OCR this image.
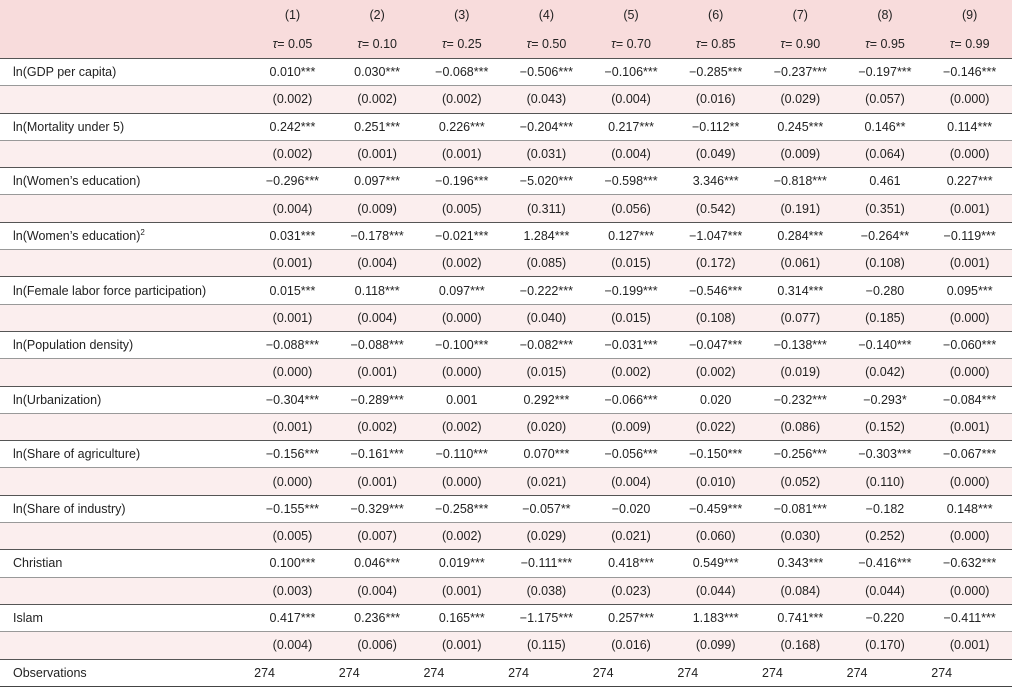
	(1)	(2)	(3)	(4)	(5)	(6)	(7)	(8)	(9)
	τ= 0.05	τ= 0.10	τ= 0.25	τ= 0.50	τ= 0.70	τ= 0.85	τ= 0.90	τ= 0.95	τ= 0.99
ln(GDP per capita)	0.010***	0.030***	−0.068***	−0.506***	−0.106***	−0.285***	−0.237***	−0.197***	−0.146***
	(0.002)	(0.002)	(0.002)	(0.043)	(0.004)	(0.016)	(0.029)	(0.057)	(0.000)
ln(Mortality under 5)	0.242***	0.251***	0.226***	−0.204***	0.217***	−0.112**	0.245***	0.146**	0.114***
	(0.002)	(0.001)	(0.001)	(0.031)	(0.004)	(0.049)	(0.009)	(0.064)	(0.000)
ln(Women’s education)	−0.296***	0.097***	−0.196***	−5.020***	−0.598***	3.346***	−0.818***	0.461	0.227***
	(0.004)	(0.009)	(0.005)	(0.311)	(0.056)	(0.542)	(0.191)	(0.351)	(0.001)
ln(Women’s education)$^2$	0.031***	−0.178***	−0.021***	1.284***	0.127***	−1.047***	0.284***	−0.264**	−0.119***
	(0.001)	(0.004)	(0.002)	(0.085)	(0.015)	(0.172)	(0.061)	(0.108)	(0.001)
ln(Female labor force participation)	0.015***	0.118***	0.097***	−0.222***	−0.199***	−0.546***	0.314***	−0.280	0.095***
	(0.001)	(0.004)	(0.000)	(0.040)	(0.015)	(0.108)	(0.077)	(0.185)	(0.000)
ln(Population density)	−0.088***	−0.088***	−0.100***	−0.082***	−0.031***	−0.047***	−0.138***	−0.140***	−0.060***
	(0.000)	(0.001)	(0.000)	(0.015)	(0.002)	(0.002)	(0.019)	(0.042)	(0.000)
ln(Urbanization)	−0.304***	−0.289***	0.001	0.292***	−0.066***	0.020	−0.232***	−0.293*	−0.084***
	(0.001)	(0.002)	(0.002)	(0.020)	(0.009)	(0.022)	(0.086)	(0.152)	(0.001)
ln(Share of agriculture)	−0.156***	−0.161***	−0.110***	0.070***	−0.056***	−0.150***	−0.256***	−0.303***	−0.067***
	(0.000)	(0.001)	(0.000)	(0.021)	(0.004)	(0.010)	(0.052)	(0.110)	(0.000)
ln(Share of industry)	−0.155***	−0.329***	−0.258***	−0.057**	−0.020	−0.459***	−0.081***	−0.182	0.148***
	(0.005)	(0.007)	(0.002)	(0.029)	(0.021)	(0.060)	(0.030)	(0.252)	(0.000)
Christian	0.100***	0.046***	0.019***	−0.111***	0.418***	0.549***	0.343***	−0.416***	−0.632***
	(0.003)	(0.004)	(0.001)	(0.038)	(0.023)	(0.044)	(0.084)	(0.044)	(0.000)
Islam	0.417***	0.236***	0.165***	−1.175***	0.257***	1.183***	0.741***	−0.220	−0.411***
	(0.004)	(0.006)	(0.001)	(0.115)	(0.016)	(0.099)	(0.168)	(0.170)	(0.001)
Observations	274	274	274	274	274	274	274	274	274
